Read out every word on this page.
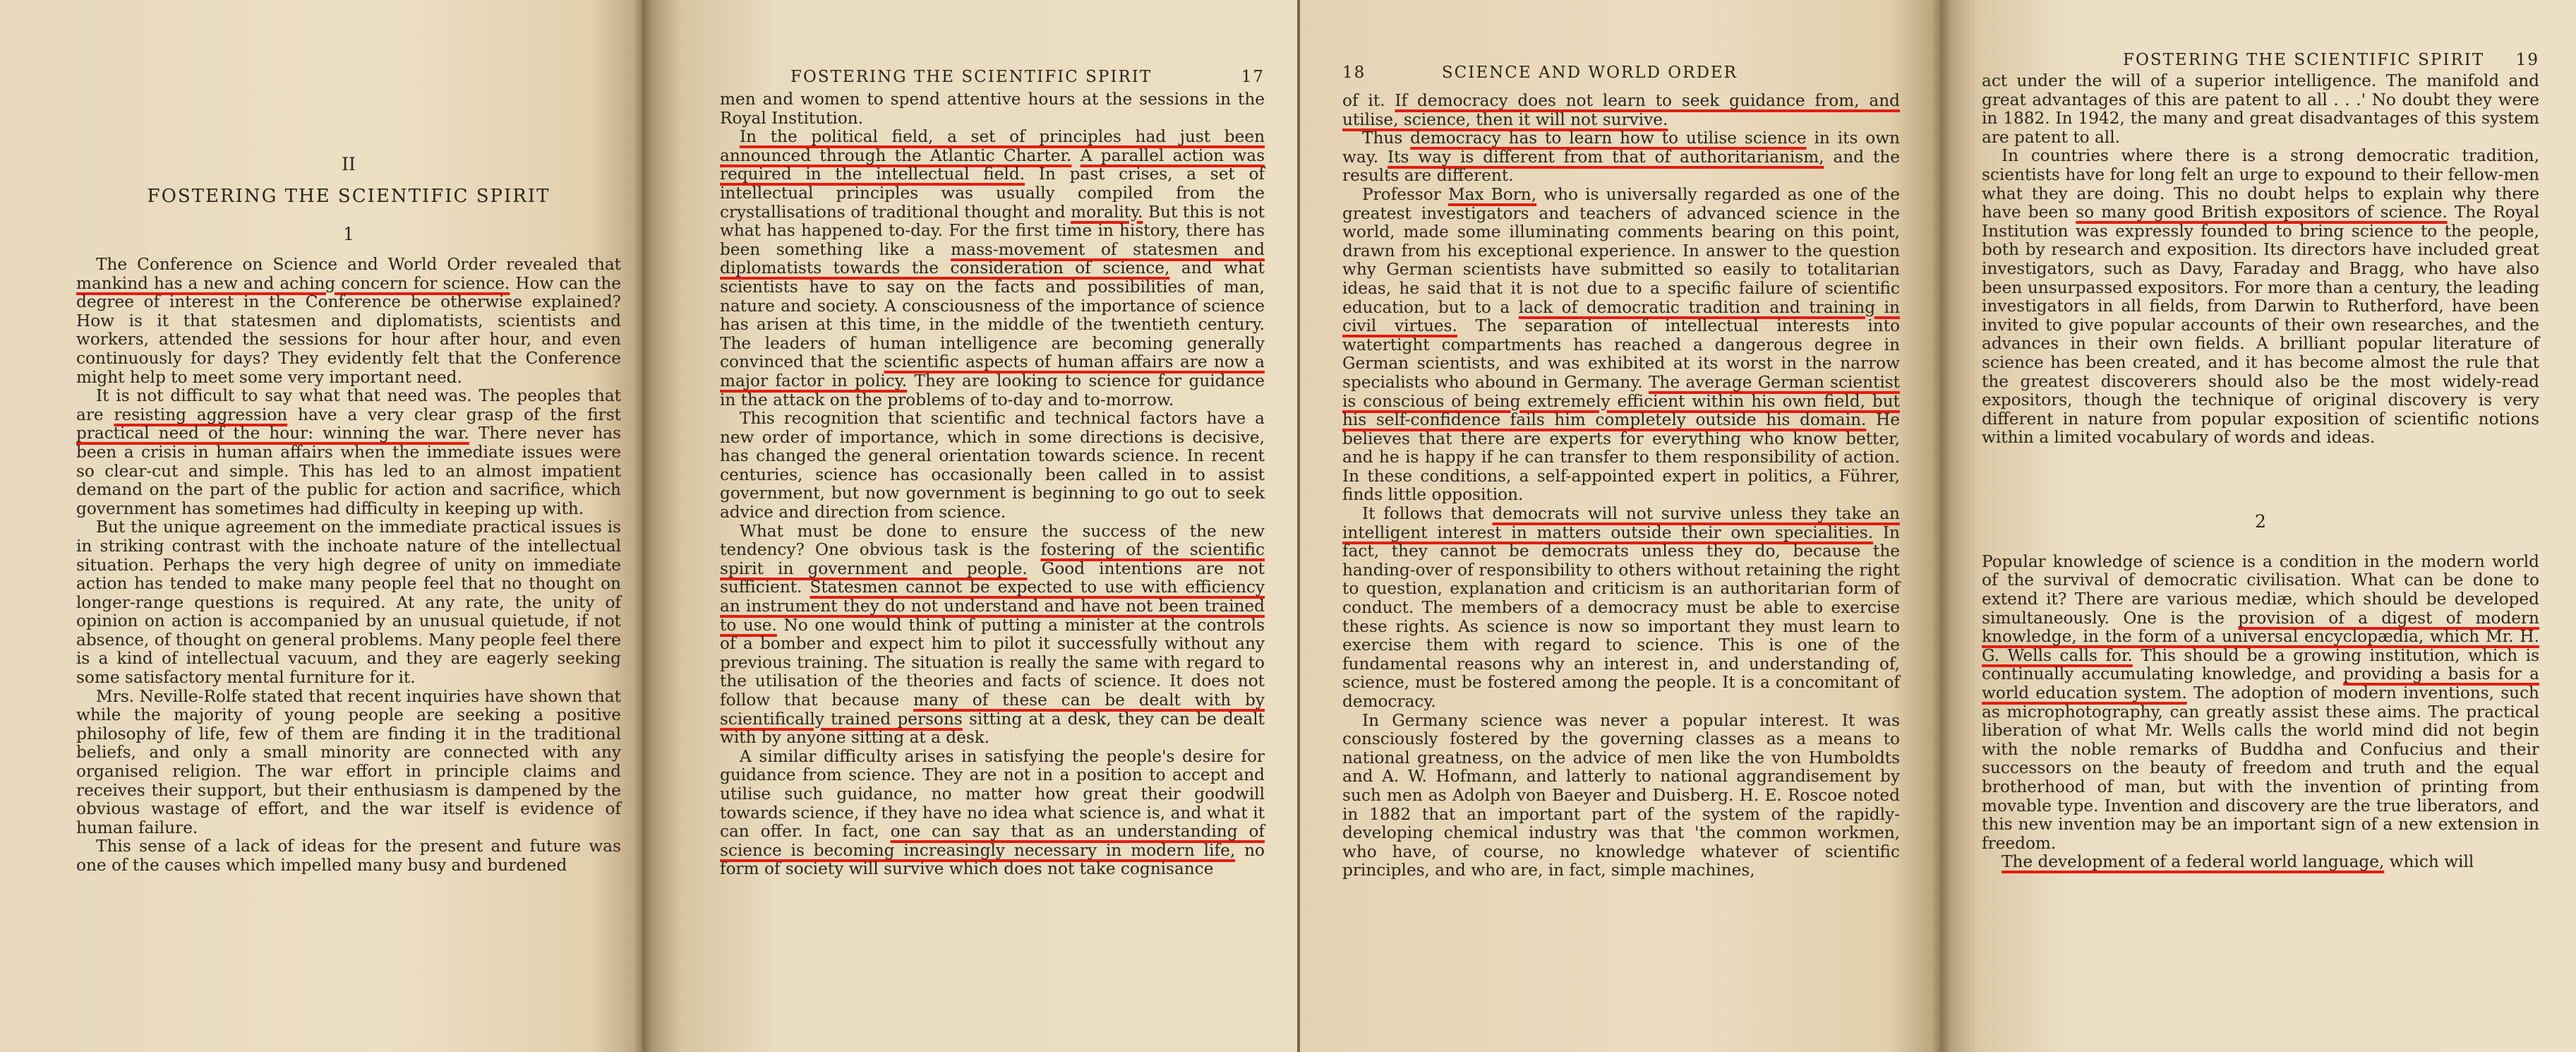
II
FOSTERING THE SCIENTIFIC SPIRIT
1

The Conference on Science and World Order revealed that mankind has a new and aching concern for science. How can the degree of interest in the Conference be otherwise explained? How is it that statesmen and diplomatists, scientists and workers, attended the sessions for hour after hour, and even continuously for days? They evidently felt that the Conference might help to meet some very important need.

It is not difficult to say what that need was. The peoples that are resisting aggression have a very clear grasp of the first practical need of the hour: winning the war. There never has been a crisis in human affairs when the immediate issues were so clear-cut and simple. This has led to an almost impatient demand on the part of the public for action and sacrifice, which government has sometimes had difficulty in keeping up with.

But the unique agreement on the immediate practical issues is in striking contrast with the inchoate nature of the intellectual situation. Perhaps the very high degree of unity on immediate action has tended to make many people feel that no thought on longer-range questions is required. At any rate, the unity of opinion on action is accompanied by an unusual quietude, if not absence, of thought on general problems. Many people feel there is a kind of intellectual vacuum, and they are eagerly seeking some satisfactory mental furniture for it.

Mrs. Neville-Rolfe stated that recent inquiries have shown that while the majority of young people are seeking a positive philosophy of life, few of them are finding it in the traditional beliefs, and only a small minority are connected with any organised religion. The war effort in principle claims and receives their support, but their enthusiasm is dampened by the obvious wastage of effort, and the war itself is evidence of human failure.

This sense of a lack of ideas for the present and future was one of the causes which impelled many busy and burdened

FOSTERING THE SCIENTIFIC SPIRIT	17

men and women to spend attentive hours at the sessions in the Royal Institution.

In the political field, a set of principles had just been announced through the Atlantic Charter. A parallel action was required in the intellectual field. In past crises, a set of intellectual principles was usually compiled from the crystallisations of traditional thought and morality. But this is not what has happened to-day. For the first time in history, there has been something like a mass-movement of statesmen and diplomatists towards the consideration of science, and what scientists have to say on the facts and possibilities of man, nature and society. A consciousness of the importance of science has arisen at this time, in the middle of the twentieth century. The leaders of human intelligence are becoming generally convinced that the scientific aspects of human affairs are now a major factor in policy. They are looking to science for guidance in the attack on the problems of to-day and to-morrow.

This recognition that scientific and technical factors have a new order of importance, which in some directions is decisive, has changed the general orientation towards science. In recent centuries, science has occasionally been called in to assist government, but now government is beginning to go out to seek advice and direction from science.

What must be done to ensure the success of the new tendency? One obvious task is the fostering of the scientific spirit in government and people. Good intentions are not sufficient. Statesmen cannot be expected to use with efficiency an instrument they do not understand and have not been trained to use. No one would think of putting a minister at the controls of a bomber and expect him to pilot it successfully without any previous training. The situation is really the same with regard to the utilisation of the theories and facts of science. It does not follow that because many of these can be dealt with by scientifically trained persons sitting at a desk, they can be dealt with by anyone sitting at a desk.

A similar difficulty arises in satisfying the people's desire for guidance from science. They are not in a position to accept and utilise such guidance, no matter how great their goodwill towards science, if they have no idea what science is, and what it can offer. In fact, one can say that as an understanding of science is becoming increasingly necessary in modern life, no form of society will survive which does not take cognisance

18	SCIENCE AND WORLD ORDER

of it. If democracy does not learn to seek guidance from, and utilise, science, then it will not survive.

Thus democracy has to learn how to utilise science in its own way. Its way is different from that of authoritarianism, and the results are different.

Professor Max Born, who is universally regarded as one of the greatest investigators and teachers of advanced science in the world, made some illuminating comments bearing on this point, drawn from his exceptional experience. In answer to the question why German scientists have submitted so easily to totalitarian ideas, he said that it is not due to a specific failure of scientific education, but to a lack of democratic tradition and training in civil virtues. The separation of intellectual interests into watertight compartments has reached a dangerous degree in German scientists, and was exhibited at its worst in the narrow specialists who abound in Germany. The average German scientist is conscious of being extremely efficient within his own field, but his self-confidence fails him completely outside his domain. He believes that there are experts for everything who know better, and he is happy if he can transfer to them responsibility of action. In these conditions, a self-appointed expert in politics, a Führer, finds little opposition.

It follows that democrats will not survive unless they take an intelligent interest in matters outside their own specialities. In fact, they cannot be democrats unless they do, because the handing-over of responsibility to others without retaining the right to question, explanation and criticism is an authoritarian form of conduct. The members of a democracy must be able to exercise these rights. As science is now so important they must learn to exercise them with regard to science. This is one of the fundamental reasons why an interest in, and understanding of, science, must be fostered among the people. It is a concomitant of democracy.

In Germany science was never a popular interest. It was consciously fostered by the governing classes as a means to national greatness, on the advice of men like the von Humboldts and A. W. Hofmann, and latterly to national aggrandisement by such men as Adolph von Baeyer and Duisberg. H. E. Roscoe noted in 1882 that an important part of the system of the rapidly-developing chemical industry was that 'the common workmen, who have, of course, no knowledge whatever of scientific principles, and who are, in fact, simple machines,

FOSTERING THE SCIENTIFIC SPIRIT 19

act under the will of a superior intelligence. The manifold and great advantages of this are patent to all . . .' No doubt they were in 1882. In 1942, the many and great disadvantages of this system are patent to all.

In countries where there is a strong democratic tradition, scientists have for long felt an urge to expound to their fellow-men what they are doing. This no doubt helps to explain why there have been so many good British expositors of science. The Royal Institution was expressly founded to bring science to the people, both by research and exposition. Its directors have included great investigators, such as Davy, Faraday and Bragg, who have also been unsurpassed expositors. For more than a century, the leading investigators in all fields, from Darwin to Rutherford, have been invited to give popular accounts of their own researches, and the advances in their own fields. A brilliant popular literature of science has been created, and it has become almost the rule that the greatest discoverers should also be the most widely-read expositors, though the technique of original discovery is very different in nature from popular exposition of scientific notions within a limited vocabulary of words and ideas.

2

Popular knowledge of science is a condition in the modern world of the survival of democratic civilisation. What can be done to extend it? There are various mediæ, which should be developed simultaneously. One is the provision of a digest of modern knowledge, in the form of a universal encyclopædia, which Mr. H. G. Wells calls for. This should be a growing institution, which is continually accumulating knowledge, and providing a basis for a world education system. The adoption of modern inventions, such as microphotography, can greatly assist these aims. The practical liberation of what Mr. Wells calls the world mind did not begin with the noble remarks of Buddha and Confucius and their successors on the beauty of freedom and truth and the equal brotherhood of man, but with the invention of printing from movable type. Invention and discovery are the true liberators, and this new invention may be an important sign of a new extension in freedom.

The development of a federal world language, which will
